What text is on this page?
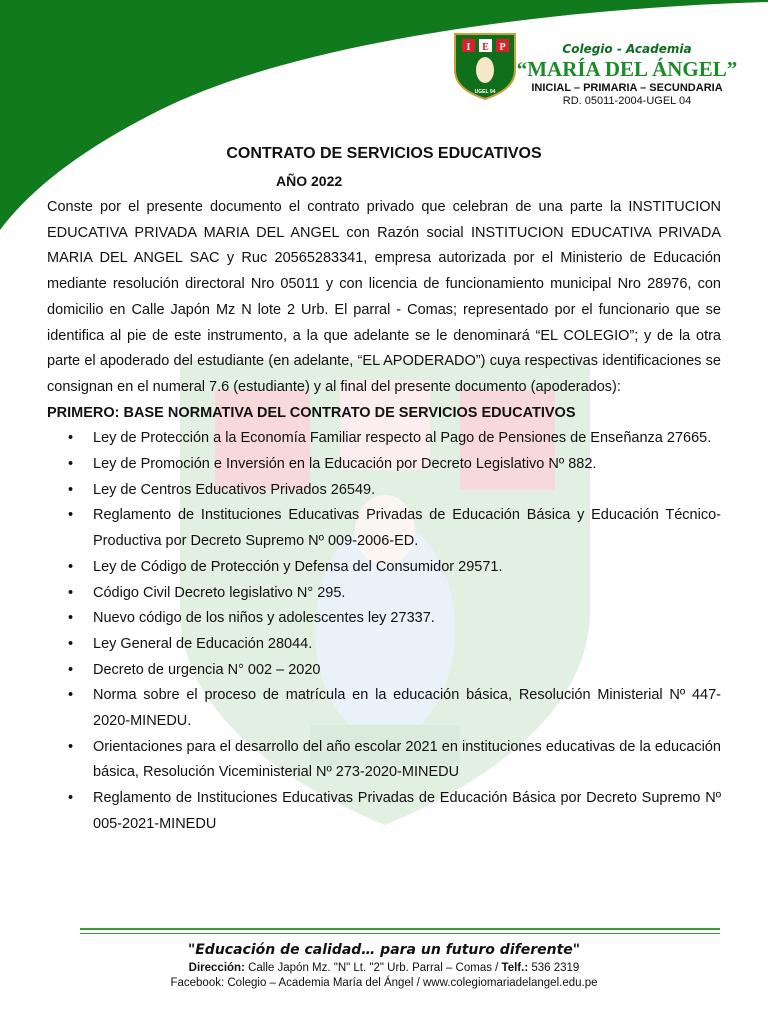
I E P
UGEL 04
Colegio - Academia
“MARÍA DEL ÁNGEL”
INICIAL – PRIMARIA – SECUNDARIA
RD. 05011-2004-UGEL 04
CONTRATO DE SERVICIOS EDUCATIVOS
AÑO 2022

Conste por el presente documento el contrato privado que celebran de una parte la INSTITUCION EDUCATIVA PRIVADA MARIA DEL ANGEL con Razón social INSTITUCION EDUCATIVA PRIVADA MARIA DEL ANGEL SAC y Ruc 20565283341, empresa autorizada por el Ministerio de Educación mediante resolución directoral Nro 05011 y con licencia de funcionamiento municipal Nro 28976, con domicilio en Calle Japón Mz N lote 2 Urb. El parral - Comas; representado por el funcionario que se identifica al pie de este instrumento, a la que adelante se le denominará “EL COLEGIO”; y de la otra parte el apoderado del estudiante (en adelante, “EL APODERADO”) cuya respectivas identificaciones se consignan en el numeral 7.6 (estudiante) y al final del presente documento (apoderados):

PRIMERO: BASE NORMATIVA DEL CONTRATO DE SERVICIOS EDUCATIVOS

• Ley de Protección a la Economía Familiar respecto al Pago de Pensiones de Enseñanza 27665.
• Ley de Promoción e Inversión en la Educación por Decreto Legislativo Nº 882.
• Ley de Centros Educativos Privados 26549.
• Reglamento de Instituciones Educativas Privadas de Educación Básica y Educación Técnico-Productiva por Decreto Supremo Nº 009-2006-ED.
• Ley de Código de Protección y Defensa del Consumidor 29571.
• Código Civil Decreto legislativo N° 295.
• Nuevo código de los niños y adolescentes ley 27337.
• Ley General de Educación 28044.
• Decreto de urgencia N° 002 – 2020
• Norma sobre el proceso de matrícula en la educación básica, Resolución Ministerial Nº 447-2020-MINEDU.
• Orientaciones para el desarrollo del año escolar 2021 en instituciones educativas de la educación básica, Resolución Viceministerial Nº 273-2020-MINEDU
• Reglamento de Instituciones Educativas Privadas de Educación Básica por Decreto Supremo Nº 005-2021-MINEDU
"Educación de calidad… para un futuro diferente"
Dirección: Calle Japón Mz. "N" Lt. "2" Urb. Parral – Comas / Telf.: 536 2319
Facebook: Colegio – Academia María del Ángel / www.colegiomariadelangel.edu.pe
